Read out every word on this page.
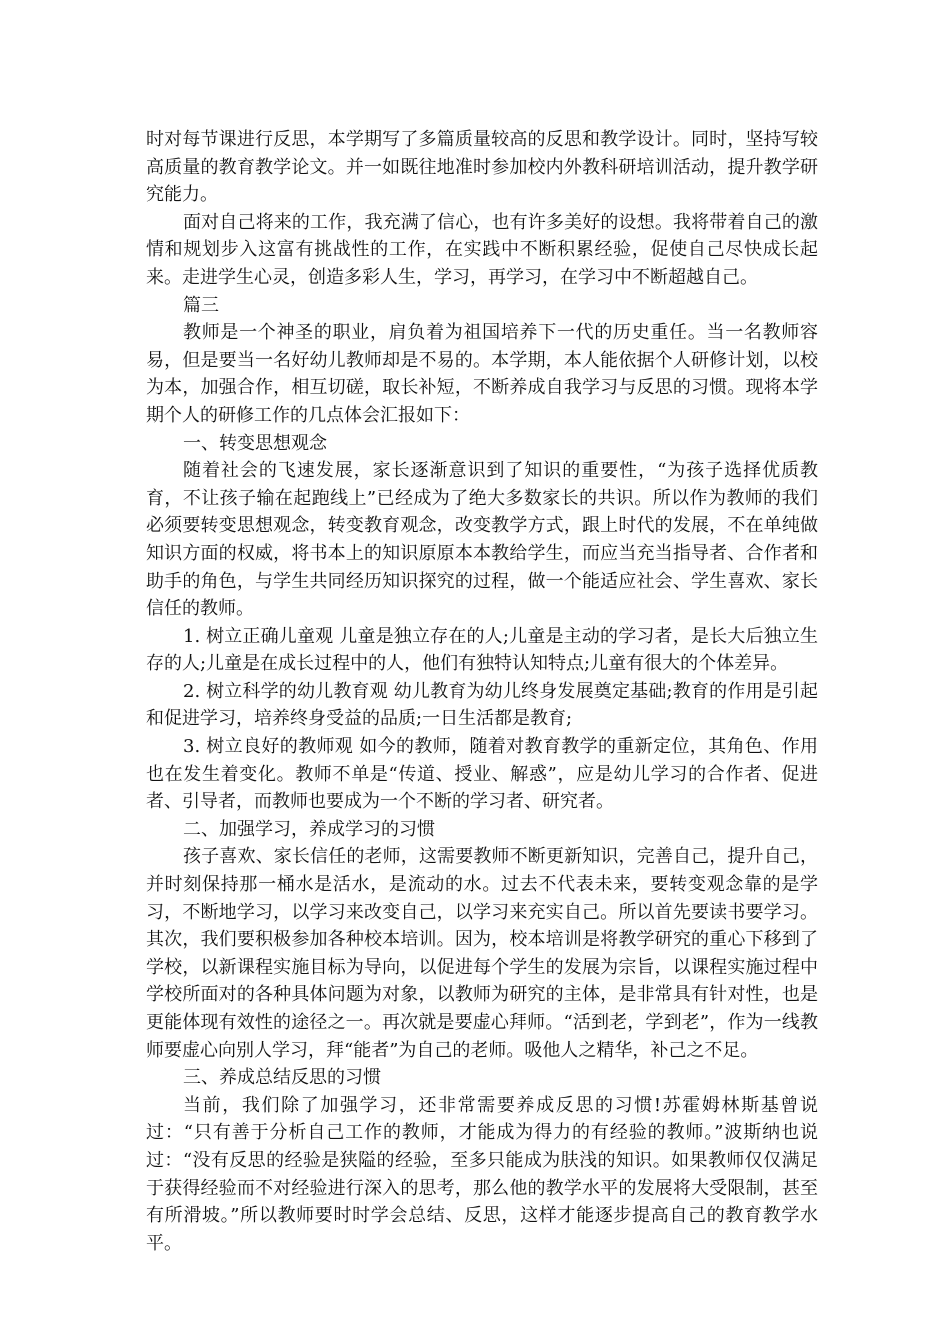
时对每节课进行反思，本学期写了多篇质量较高的反思和教学设计。同时，坚持写较高质量的教育教学论文。并一如既往地准时参加校内外教科研培训活动，提升教学研究能力。

面对自己将来的工作，我充满了信心，也有许多美好的设想。我将带着自己的激情和规划步入这富有挑战性的工作，在实践中不断积累经验，促使自己尽快成长起来。走进学生心灵，创造多彩人生，学习，再学习，在学习中不断超越自己。

篇三

教师是一个神圣的职业，肩负着为祖国培养下一代的历史重任。当一名教师容易，但是要当一名好幼儿教师却是不易的。本学期，本人能依据个人研修计划，以校为本，加强合作，相互切磋，取长补短，不断养成自我学习与反思的习惯。现将本学期个人的研修工作的几点体会汇报如下：

一、转变思想观念

随着社会的飞速发展，家长逐渐意识到了知识的重要性，“为孩子选择优质教育，不让孩子输在起跑线上”已经成为了绝大多数家长的共识。所以作为教师的我们必须要转变思想观念，转变教育观念，改变教学方式，跟上时代的发展，不在单纯做知识方面的权威，将书本上的知识原原本本教给学生，而应当充当指导者、合作者和助手的角色，与学生共同经历知识探究的过程，做一个能适应社会、学生喜欢、家长信任的教师。

1. 树立正确儿童观 儿童是独立存在的人;儿童是主动的学习者，是长大后独立生存的人;儿童是在成长过程中的人，他们有独特认知特点;儿童有很大的个体差异。

2. 树立科学的幼儿教育观 幼儿教育为幼儿终身发展奠定基础;教育的作用是引起和促进学习，培养终身受益的品质;一日生活都是教育;

3. 树立良好的教师观 如今的教师，随着对教育教学的重新定位，其角色、作用也在发生着变化。教师不单是“传道、授业、解惑”，应是幼儿学习的合作者、促进者、引导者，而教师也要成为一个不断的学习者、研究者。

二、加强学习，养成学习的习惯

孩子喜欢、家长信任的老师，这需要教师不断更新知识，完善自己，提升自己，并时刻保持那一桶水是活水，是流动的水。过去不代表未来，要转变观念靠的是学习，不断地学习，以学习来改变自己，以学习来充实自己。所以首先要读书要学习。其次，我们要积极参加各种校本培训。因为，校本培训是将教学研究的重心下移到了学校，以新课程实施目标为导向，以促进每个学生的发展为宗旨，以课程实施过程中学校所面对的各种具体问题为对象，以教师为研究的主体，是非常具有针对性，也是更能体现有效性的途径之一。再次就是要虚心拜师。“活到老，学到老”，作为一线教师要虚心向别人学习，拜“能者”为自己的老师。吸他人之精华，补己之不足。

三、养成总结反思的习惯

当前，我们除了加强学习，还非常需要养成反思的习惯!苏霍姆林斯基曾说过：“只有善于分析自己工作的教师，才能成为得力的有经验的教师。”波斯纳也说过：“没有反思的经验是狭隘的经验，至多只能成为肤浅的知识。如果教师仅仅满足于获得经验而不对经验进行深入的思考，那么他的教学水平的发展将大受限制，甚至有所滑坡。”所以教师要时时学会总结、反思，这样才能逐步提高自己的教育教学水平。
